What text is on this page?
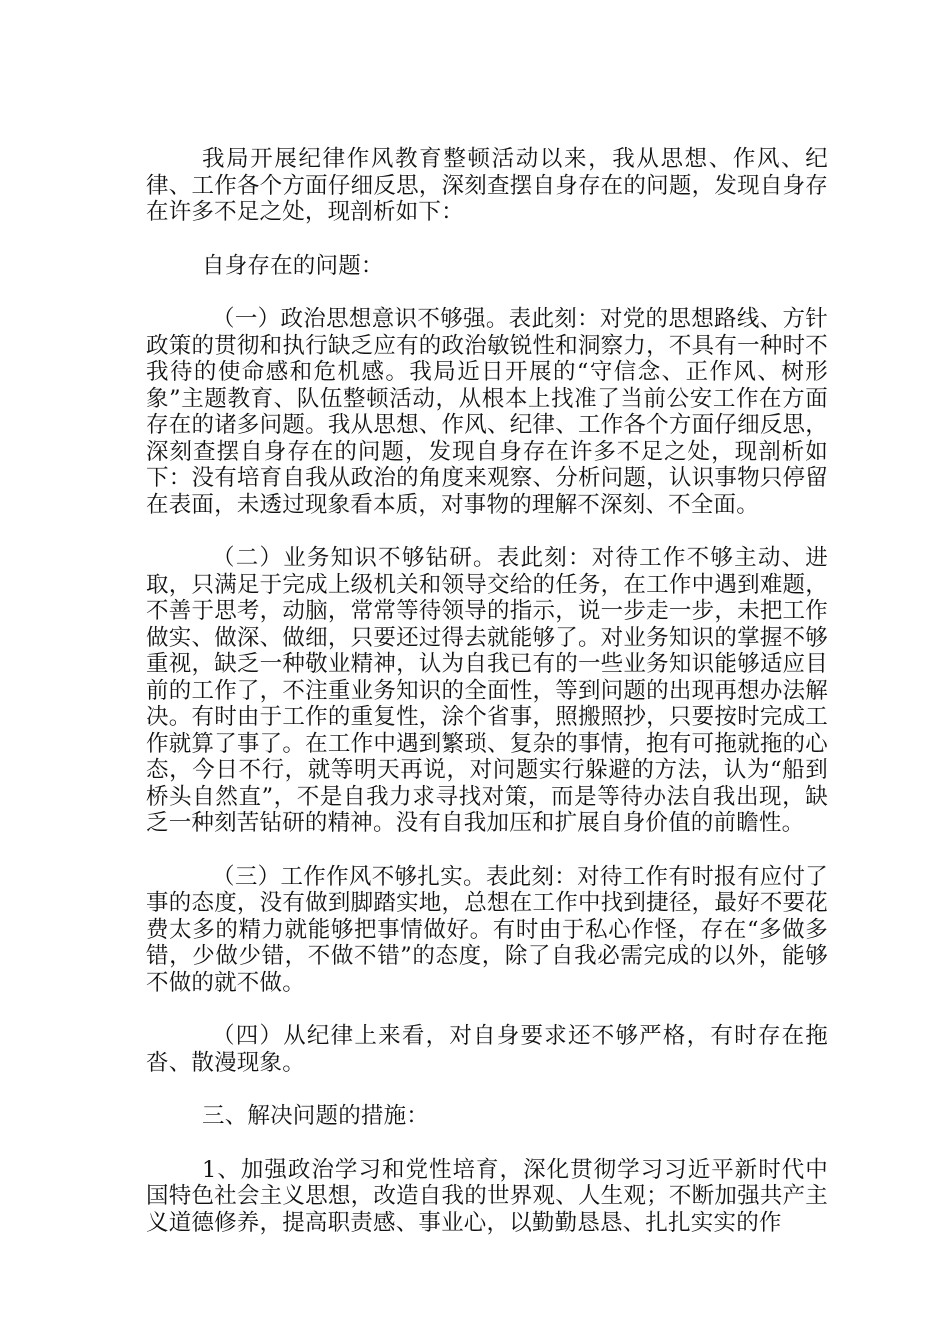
我局开展纪律作风教育整顿活动以来，我从思想、作风、纪律、工作各个方面仔细反思，深刻查摆自身存在的问题，发现自身存在许多不足之处，现剖析如下：

自身存在的问题：

（一）政治思想意识不够强。表此刻：对党的思想路线、方针政策的贯彻和执行缺乏应有的政治敏锐性和洞察力，不具有一种时不我待的使命感和危机感。我局近日开展的“守信念、正作风、树形象”主题教育、队伍整顿活动，从根本上找准了当前公安工作在方面存在的诸多问题。我从思想、作风、纪律、工作各个方面仔细反思，深刻查摆自身存在的问题，发现自身存在许多不足之处，现剖析如下：没有培育自我从政治的角度来观察、分析问题，认识事物只停留在表面，未透过现象看本质，对事物的理解不深刻、不全面。

（二）业务知识不够钻研。表此刻：对待工作不够主动、进取，只满足于完成上级机关和领导交给的任务，在工作中遇到难题，不善于思考，动脑，常常等待领导的指示，说一步走一步，未把工作做实、做深、做细，只要还过得去就能够了。对业务知识的掌握不够重视，缺乏一种敬业精神，认为自我已有的一些业务知识能够适应目前的工作了，不注重业务知识的全面性，等到问题的出现再想办法解决。有时由于工作的重复性，涂个省事，照搬照抄，只要按时完成工作就算了事了。在工作中遇到繁琐、复杂的事情，抱有可拖就拖的心态，今日不行，就等明天再说，对问题实行躲避的方法，认为“船到桥头自然直”，不是自我力求寻找对策，而是等待办法自我出现，缺乏一种刻苦钻研的精神。没有自我加压和扩展自身价值的前瞻性。

（三）工作作风不够扎实。表此刻：对待工作有时报有应付了事的态度，没有做到脚踏实地，总想在工作中找到捷径，最好不要花费太多的精力就能够把事情做好。有时由于私心作怪，存在“多做多错，少做少错，不做不错”的态度，除了自我必需完成的以外，能够不做的就不做。

（四）从纪律上来看，对自身要求还不够严格，有时存在拖沓、散漫现象。

三、解决问题的措施：

1、加强政治学习和党性培育，深化贯彻学习习近平新时代中国特色社会主义思想，改造自我的世界观、人生观；不断加强共产主义道德修养，提高职责感、事业心，以勤勤恳恳、扎扎实实的作
